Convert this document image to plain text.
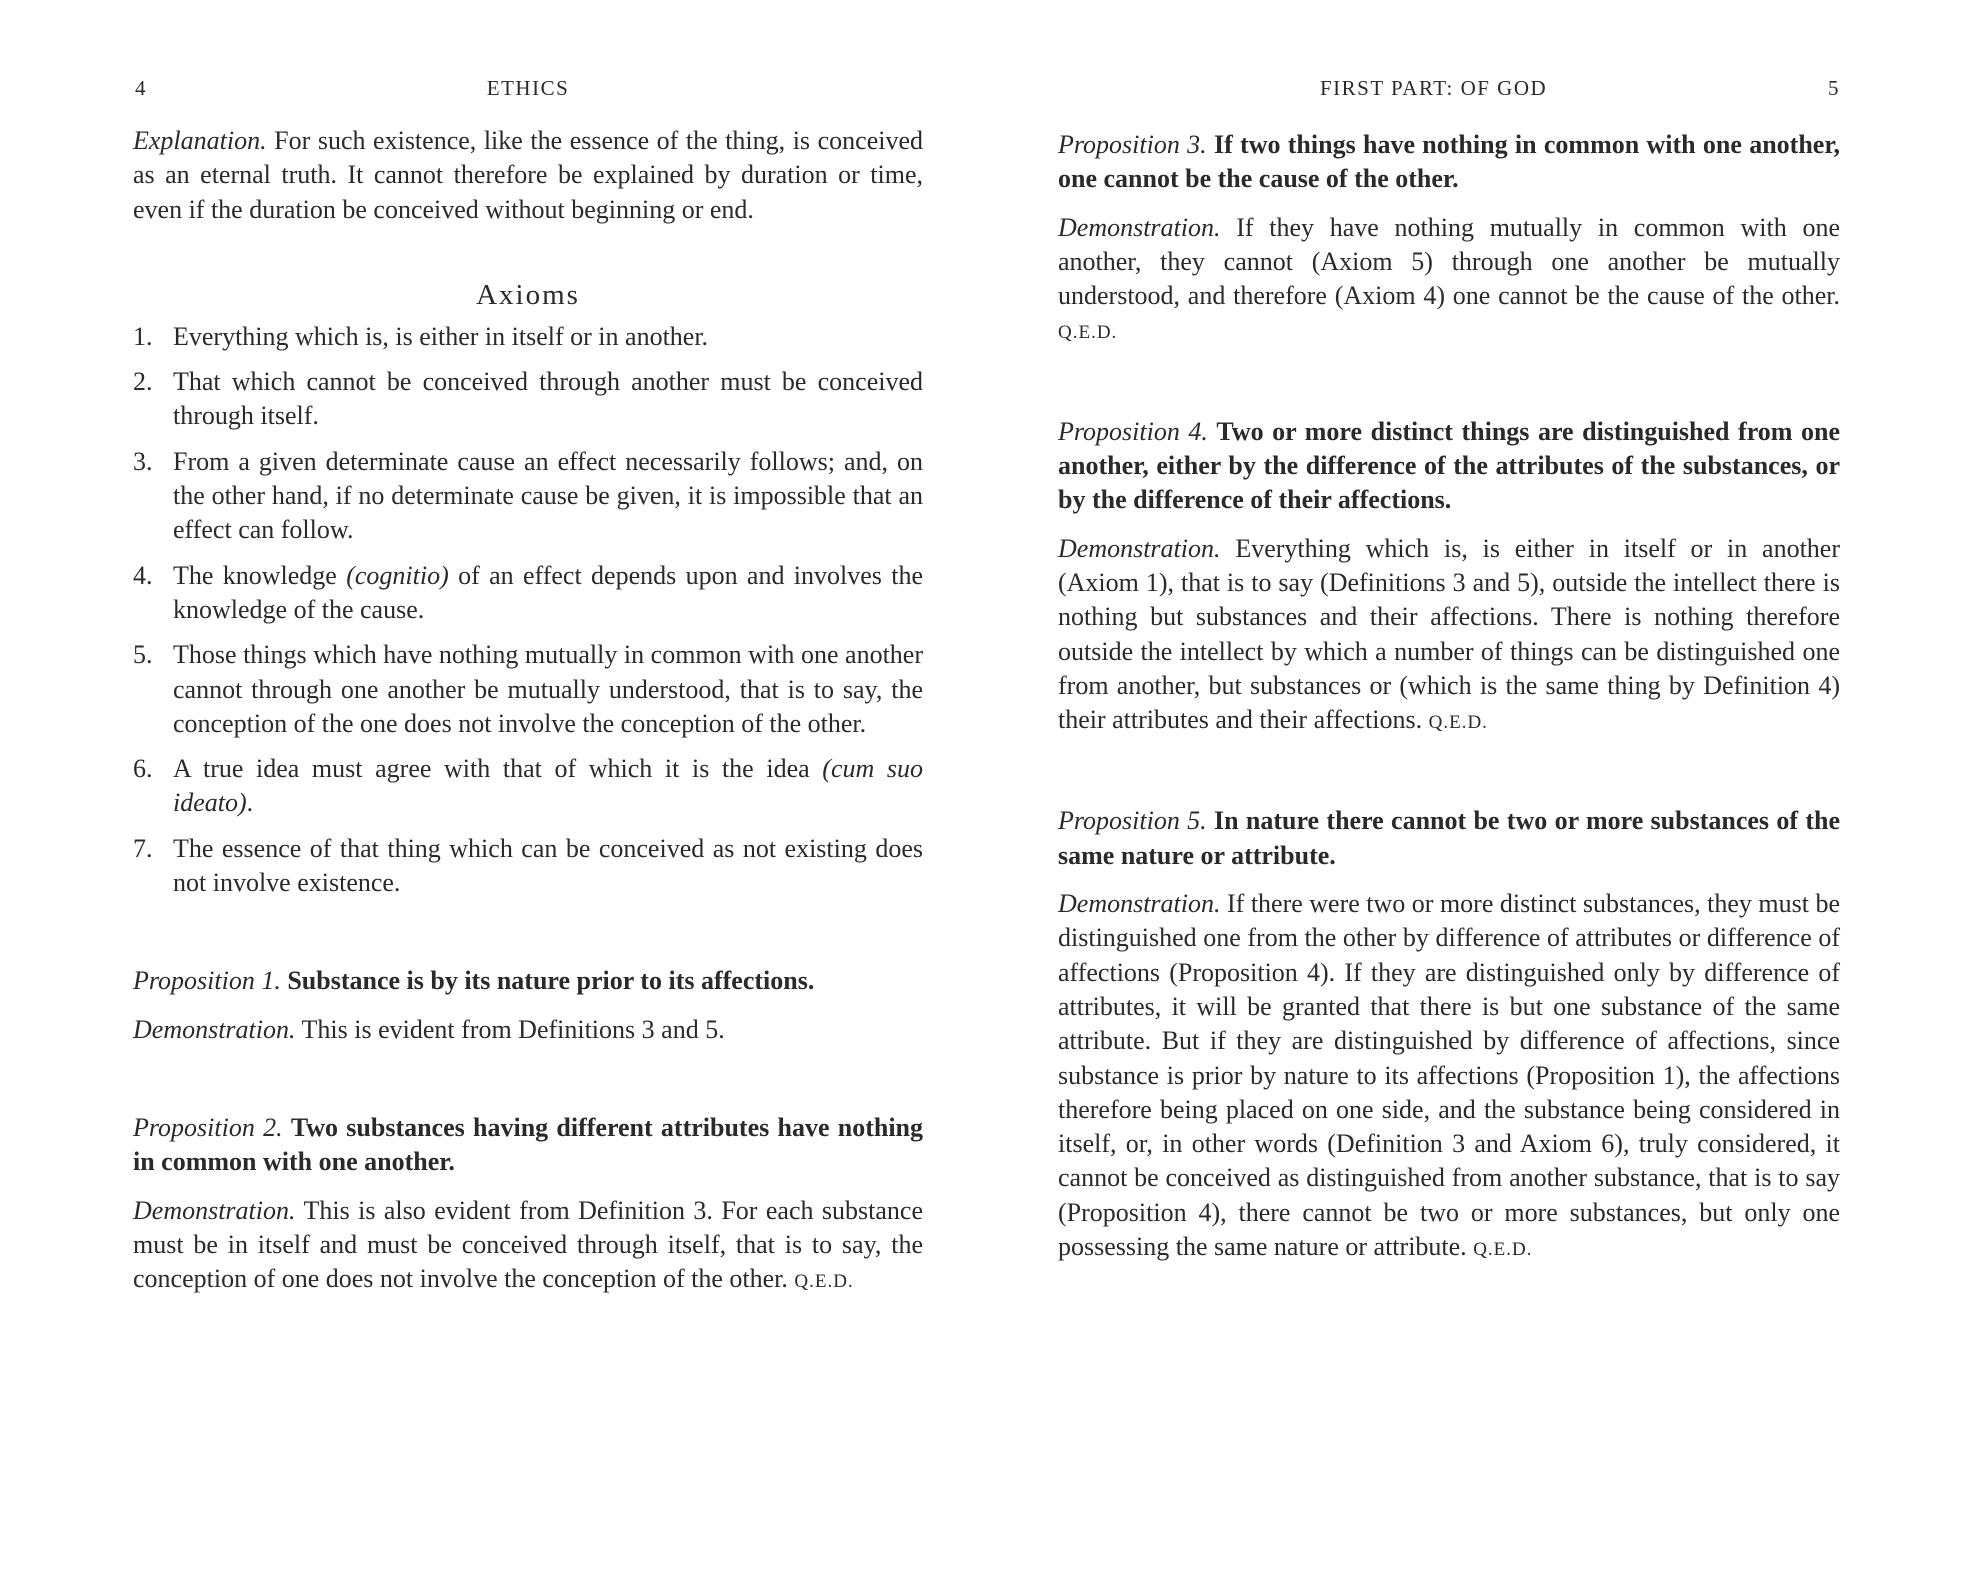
4	ETHICS

Explanation. For such existence, like the essence of the thing, is conceived as an eternal truth. It cannot therefore be explained by duration or time, even if the duration be conceived without beginning or end.

Axioms
1. Everything which is, is either in itself or in another.
2. That which cannot be conceived through another must be conceived through itself.
3. From a given determinate cause an effect necessarily follows; and, on the other hand, if no determinate cause be given, it is impossible that an effect can follow.
4. The knowledge (cognitio) of an effect depends upon and involves the knowledge of the cause.
5. Those things which have nothing mutually in common with one another cannot through one another be mutually understood, that is to say, the conception of the one does not involve the conception of the other.
6. A true idea must agree with that of which it is the idea (cum suo ideato).
7. The essence of that thing which can be conceived as not existing does not involve existence.

Proposition 1. Substance is by its nature prior to its affections.

Demonstration. This is evident from Definitions 3 and 5.

Proposition 2. Two substances having different attributes have nothing in common with one another.

Demonstration. This is also evident from Definition 3. For each substance must be in itself and must be conceived through itself, that is to say, the conception of one does not involve the conception of the other. Q.E.D.

FIRST PART: OF GOD	5

Proposition 3. If two things have nothing in common with one another, one cannot be the cause of the other.

Demonstration. If they have nothing mutually in common with one another, they cannot (Axiom 5) through one another be mutually understood, and therefore (Axiom 4) one cannot be the cause of the other. Q.E.D.

Proposition 4. Two or more distinct things are distinguished from one another, either by the difference of the attributes of the substances, or by the difference of their affections.

Demonstration. Everything which is, is either in itself or in another (Axiom 1), that is to say (Definitions 3 and 5), outside the intellect there is nothing but substances and their affections. There is nothing therefore outside the intellect by which a number of things can be distinguished one from another, but substances or (which is the same thing by Definition 4) their attributes and their affections. Q.E.D.

Proposition 5. In nature there cannot be two or more substances of the same nature or attribute.

Demonstration. If there were two or more distinct substances, they must be distinguished one from the other by difference of attributes or difference of affections (Proposition 4). If they are distinguished only by difference of attributes, it will be granted that there is but one substance of the same attribute. But if they are distinguished by difference of affections, since substance is prior by nature to its affections (Proposition 1), the affections therefore being placed on one side, and the substance being considered in itself, or, in other words (Definition 3 and Axiom 6), truly considered, it cannot be conceived as distinguished from another substance, that is to say (Proposition 4), there cannot be two or more substances, but only one possessing the same nature or attribute. Q.E.D.
